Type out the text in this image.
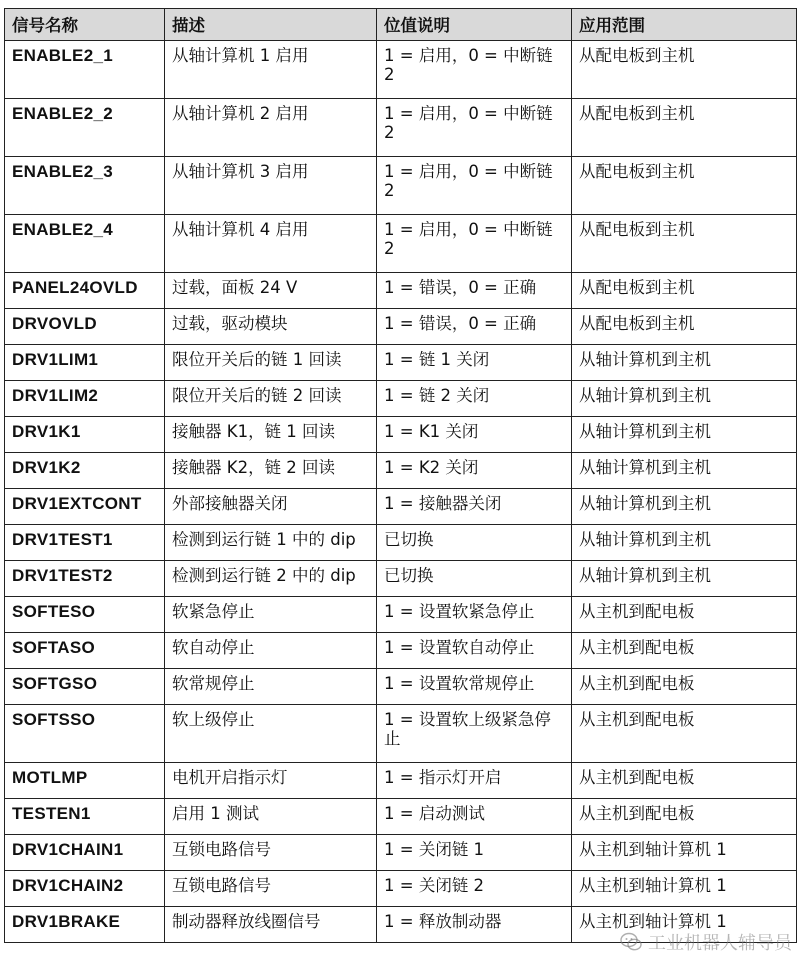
信号名称	描述	位值说明	应用范围
ENABLE2_1	从轴计算机 1 启用	1 = 启用，0 = 中断链 2	从配电板到主机
ENABLE2_2	从轴计算机 2 启用	1 = 启用，0 = 中断链 2	从配电板到主机
ENABLE2_3	从轴计算机 3 启用	1 = 启用，0 = 中断链 2	从配电板到主机
ENABLE2_4	从轴计算机 4 启用	1 = 启用，0 = 中断链 2	从配电板到主机
PANEL24OVLD	过载，面板 24 V	1 = 错误，0 = 正确	从配电板到主机
DRVOVLD	过载，驱动模块	1 = 错误，0 = 正确	从配电板到主机
DRV1LIM1	限位开关后的链 1 回读	1 = 链 1 关闭	从轴计算机到主机
DRV1LIM2	限位开关后的链 2 回读	1 = 链 2 关闭	从轴计算机到主机
DRV1K1	接触器 K1，链 1 回读	1 = K1 关闭	从轴计算机到主机
DRV1K2	接触器 K2，链 2 回读	1 = K2 关闭	从轴计算机到主机
DRV1EXTCONT	外部接触器关闭	1 = 接触器关闭	从轴计算机到主机
DRV1TEST1	检测到运行链 1 中的 dip	已切换	从轴计算机到主机
DRV1TEST2	检测到运行链 2 中的 dip	已切换	从轴计算机到主机
SOFTESO	软紧急停止	1 = 设置软紧急停止	从主机到配电板
SOFTASO	软自动停止	1 = 设置软自动停止	从主机到配电板
SOFTGSO	软常规停止	1 = 设置软常规停止	从主机到配电板
SOFTSSO	软上级停止	1 = 设置软上级紧急停止	从主机到配电板
MOTLMP	电机开启指示灯	1 = 指示灯开启	从主机到配电板
TESTEN1	启用 1 测试	1 = 启动测试	从主机到配电板
DRV1CHAIN1	互锁电路信号	1 = 关闭链 1	从主机到轴计算机 1
DRV1CHAIN2	互锁电路信号	1 = 关闭链 2	从主机到轴计算机 1
DRV1BRAKE	制动器释放线圈信号	1 = 释放制动器	从主机到轴计算机 1
工业机器人辅导员
